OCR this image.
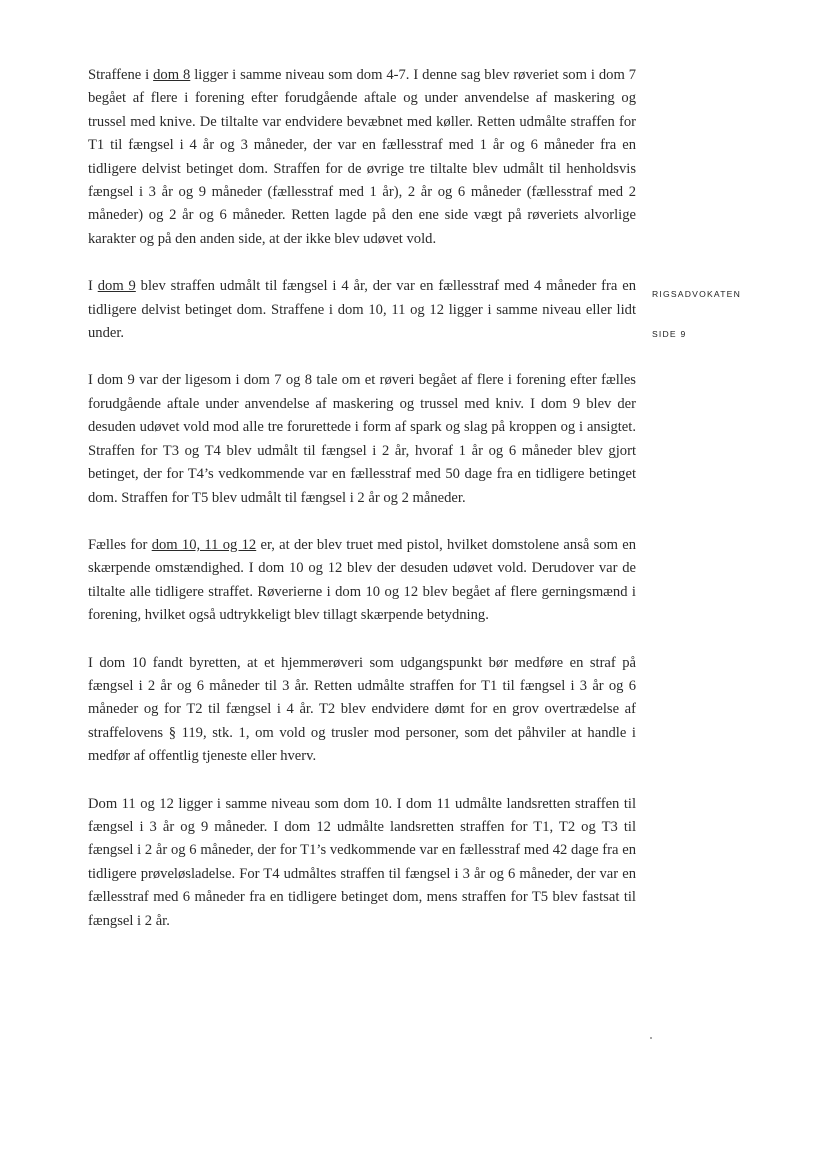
Straffene i dom 8 ligger i samme niveau som dom 4-7. I denne sag blev røveriet som i dom 7 begået af flere i forening efter forudgående aftale og under anvendelse af maskering og trussel med knive. De tiltalte var endvidere bevæbnet med køller. Retten udmålte straffen for T1 til fængsel i 4 år og 3 måneder, der var en fællesstraf med 1 år og 6 måneder fra en tidligere delvist betinget dom. Straffen for de øvrige tre tiltalte blev udmålt til henholdsvis fængsel i 3 år og 9 måneder (fællesstraf med 1 år), 2 år og 6 måneder (fællesstraf med 2 måneder) og 2 år og 6 måneder. Retten lagde på den ene side vægt på røveriets alvorlige karakter og på den anden side, at der ikke blev udøvet vold.

I dom 9 blev straffen udmålt til fængsel i 4 år, der var en fællesstraf med 4 måneder fra en tidligere delvist betinget dom. Straffene i dom 10, 11 og 12 ligger i samme niveau eller lidt under.

I dom 9 var der ligesom i dom 7 og 8 tale om et røveri begået af flere i forening efter fælles forudgående aftale under anvendelse af maskering og trussel med kniv. I dom 9 blev der desuden udøvet vold mod alle tre forurettede i form af spark og slag på kroppen og i ansigtet. Straffen for T3 og T4 blev udmålt til fængsel i 2 år, hvoraf 1 år og 6 måneder blev gjort betinget, der for T4’s vedkommende var en fællesstraf med 50 dage fra en tidligere betinget dom. Straffen for T5 blev udmålt til fængsel i 2 år og 2 måneder.

Fælles for dom 10, 11 og 12 er, at der blev truet med pistol, hvilket domstolene anså som en skærpende omstændighed. I dom 10 og 12 blev der desuden udøvet vold. Derudover var de tiltalte alle tidligere straffet. Røverierne i dom 10 og 12 blev begået af flere gerningsmænd i forening, hvilket også udtrykkeligt blev tillagt skærpende betydning.

I dom 10 fandt byretten, at et hjemmerøveri som udgangspunkt bør medføre en straf på fængsel i 2 år og 6 måneder til 3 år. Retten udmålte straffen for T1 til fængsel i 3 år og 6 måneder og for T2 til fængsel i 4 år. T2 blev endvidere dømt for en grov overtrædelse af straffelovens § 119, stk. 1, om vold og trusler mod personer, som det påhviler at handle i medfør af offentlig tjeneste eller hverv.

Dom 11 og 12 ligger i samme niveau som dom 10. I dom 11 udmålte landsretten straffen til fængsel i 3 år og 9 måneder. I dom 12 udmålte landsretten straffen for T1, T2 og T3 til fængsel i 2 år og 6 måneder, der for T1’s vedkommende var en fællesstraf med 42 dage fra en tidligere prøveløsladelse. For T4 udmåltes straffen til fængsel i 3 år og 6 måneder, der var en fællesstraf med 6 måneder fra en tidligere betinget dom, mens straffen for T5 blev fastsat til fængsel i 2 år.

RIGSADVOKATEN
SIDE 9
